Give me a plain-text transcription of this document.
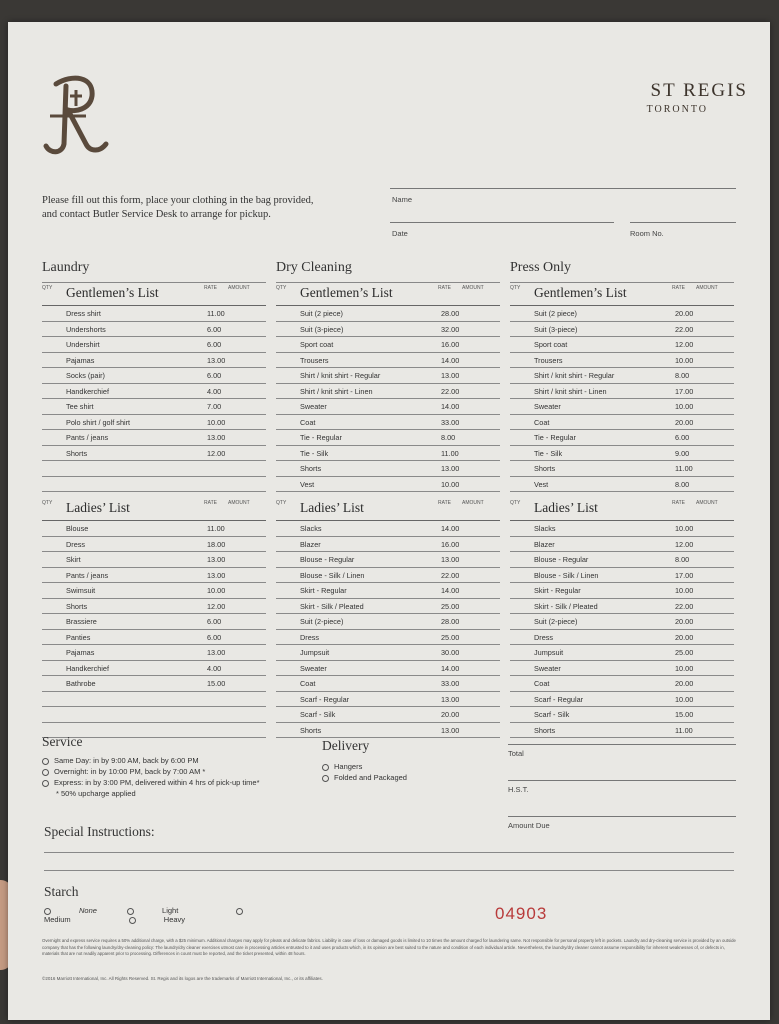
ST REGIS
TORONTO
Please fill out this form, place your clothing in the bag provided,
and contact Butler Service Desk to arrange for pickup.
Name
Date	Room No.
Laundry
QTY Gentlemen’s List	RATE AMOUNT
Dress shirt	11.00
Undershorts	6.00
Undershirt	6.00
Pajamas	13.00
Socks (pair)	6.00
Handkerchief	4.00
Tee shirt	7.00
Polo shirt / golf shirt	10.00
Pants / jeans	13.00
Shorts	12.00
QTY Ladies’ List	RATE AMOUNT
Blouse	11.00
Dress	18.00
Skirt	13.00
Pants / jeans	13.00
Swimsuit	10.00
Shorts	12.00
Brassiere	6.00
Panties	6.00
Pajamas	13.00
Handkerchief	4.00
Bathrobe	15.00
Dry Cleaning
QTY Gentlemen’s List	RATE AMOUNT
Suit (2 piece)	28.00
Suit (3-piece)	32.00
Sport coat	16.00
Trousers	14.00
Shirt / knit shirt - Regular	13.00
Shirt / knit shirt - Linen	22.00
Sweater	14.00
Coat	33.00
Tie - Regular	8.00
Tie - Silk	11.00
Shorts	13.00
Vest	10.00
QTY Ladies’ List	RATE AMOUNT
Slacks	14.00
Blazer	16.00
Blouse - Regular	13.00
Blouse - Silk / Linen	22.00
Skirt - Regular	14.00
Skirt - Silk / Pleated	25.00
Suit (2-piece)	28.00
Dress	25.00
Jumpsuit	30.00
Sweater	14.00
Coat	33.00
Scarf - Regular	13.00
Scarf - Silk	20.00
Shorts	13.00
Press Only
QTY Gentlemen’s List	RATE AMOUNT
Suit (2 piece)	20.00
Suit (3-piece)	22.00
Sport coat	12.00
Trousers	10.00
Shirt / knit shirt - Regular	8.00
Shirt / knit shirt - Linen	17.00
Sweater	10.00
Coat	20.00
Tie - Regular	6.00
Tie - Silk	9.00
Shorts	11.00
Vest	8.00
QTY Ladies’ List	RATE AMOUNT
Slacks	10.00
Blazer	12.00
Blouse - Regular	8.00
Blouse - Silk / Linen	17.00
Skirt - Regular	10.00
Skirt - Silk / Pleated	22.00
Suit (2-piece)	20.00
Dress	20.00
Jumpsuit	25.00
Sweater	10.00
Coat	20.00
Scarf - Regular	10.00
Scarf - Silk	15.00
Shorts	11.00
Service
Same Day: in by 9:00 AM, back by 6:00 PM
Overnight: in by 10:00 PM, back by 7:00 AM *
Express: in by 3:00 PM, delivered within 4 hrs of pick-up time*
* 50% upcharge applied
Delivery
Hangers
Folded and Packaged
Total
H.S.T.
Amount Due
Special Instructions:
Starch
None	Light Medium	Heavy	04903
Overnight and express service requires a 50% additional charge, with a $25 minimum. Additional charges may apply for pleats and delicate fabrics. Liability in case of loss or damaged goods is limited to 10 times the amount charged for laundering same. Not responsible for personal property left in pockets. Laundry and dry-cleaning service is provided by an outside company that has the following laundry/dry-cleaning policy: The laundry/dry cleaner exercises utmost care in processing articles entrusted to it and uses products which, in its opinion are best suited to the nature and condition of each individual article. Nevertheless, the laundry/dry cleaner cannot assume responsibility for inherent weaknesses of, or defects in, materials that are not readily apparent prior to processing. Differences in count must be reported, and the ticket presented, within 48 hours.
©2016 Marriott International, Inc. All Rights Reserved. St. Regis and its logos are the trademarks of Marriott International, Inc., or its affiliates.
